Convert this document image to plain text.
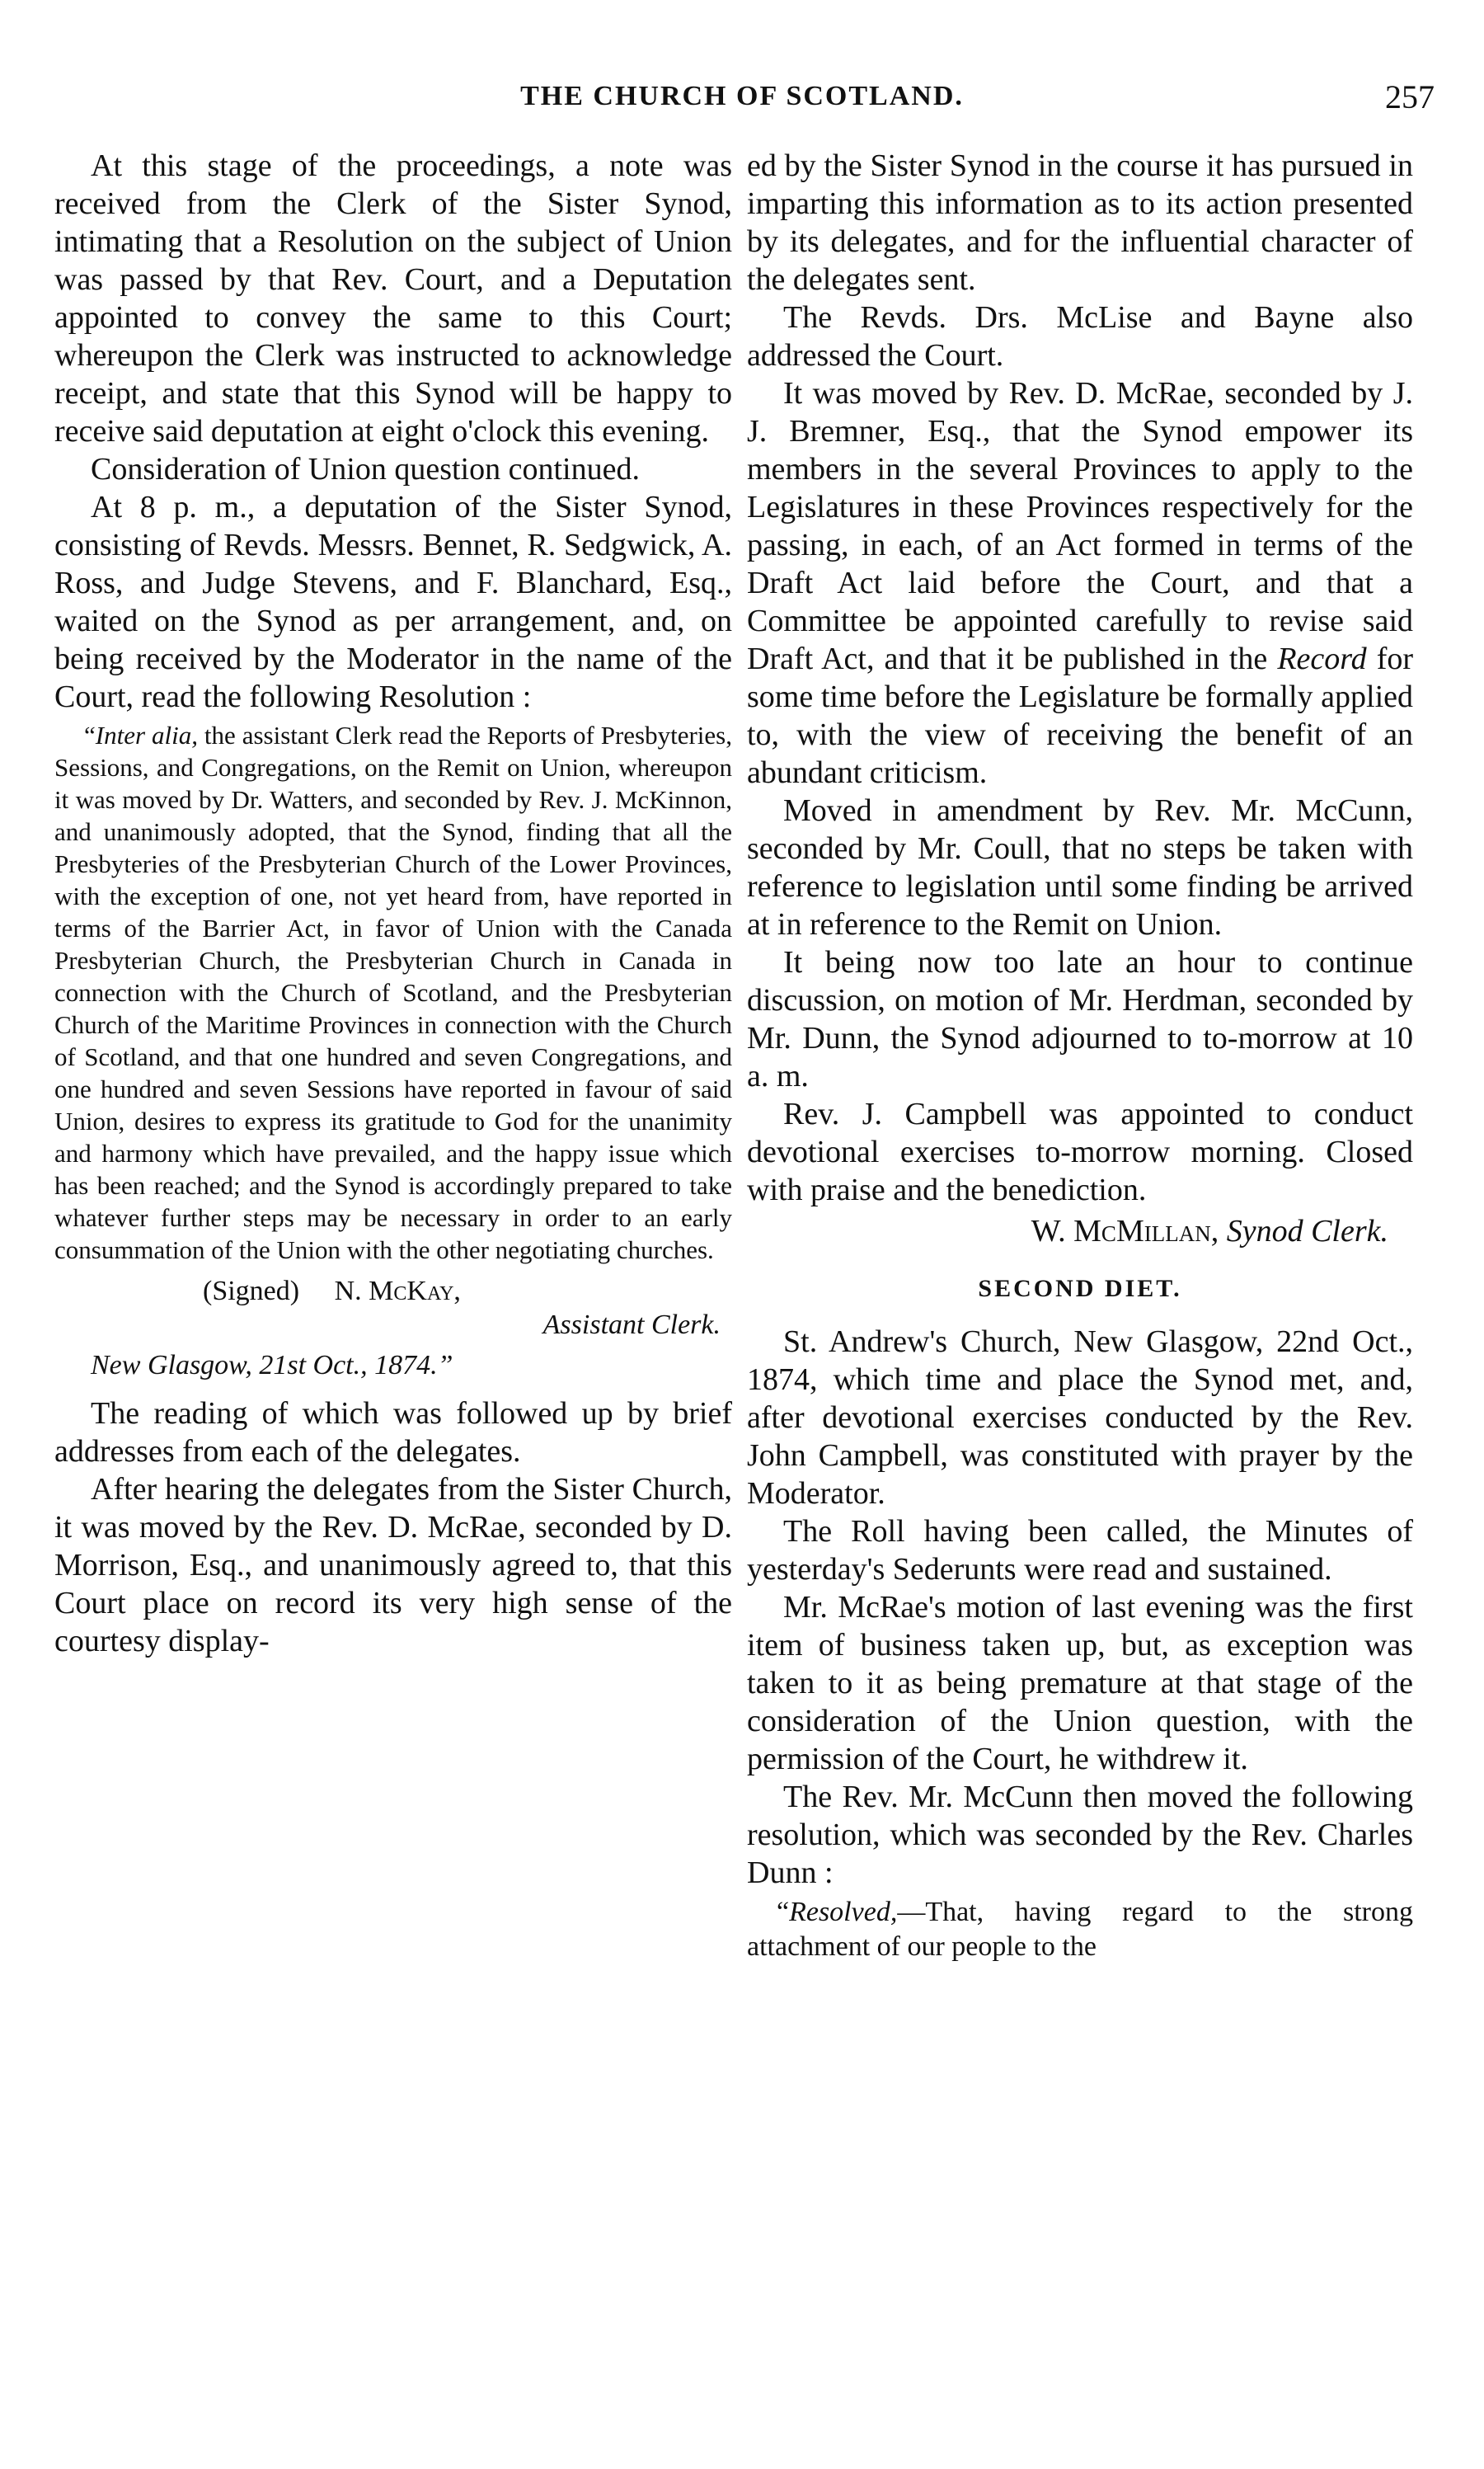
THE CHURCH OF SCOTLAND.	257

At this stage of the proceedings, a note was received from the Clerk of the Sister Synod, intimating that a Resolution on the subject of Union was passed by that Rev. Court, and a Deputation appointed to convey the same to this Court; whereupon the Clerk was instructed to acknowledge receipt, and state that this Synod will be happy to receive said deputation at eight o'clock this evening.

Consideration of Union question continued.

At 8 p. m., a deputation of the Sister Synod, consisting of Revds. Messrs. Bennet, R. Sedgwick, A. Ross, and Judge Stevens, and F. Blanchard, Esq., waited on the Synod as per arrangement, and, on being received by the Moderator in the name of the Court, read the following Resolution :

“Inter alia, the assistant Clerk read the Reports of Presbyteries, Sessions, and Congregations, on the Remit on Union, whereupon it was moved by Dr. Watters, and seconded by Rev. J. McKinnon, and unanimously adopted, that the Synod, finding that all the Presbyteries of the Presbyterian Church of the Lower Provinces, with the exception of one, not yet heard from, have reported in terms of the Barrier Act, in favor of Union with the Canada Presbyterian Church, the Presbyterian Church in Canada in connection with the Church of Scotland, and the Presbyterian Church of the Maritime Provinces in connection with the Church of Scotland, and that one hundred and seven Congregations, and one hundred and seven Sessions have reported in favour of said Union, desires to express its gratitude to God for the unanimity and harmony which have prevailed, and the happy issue which has been reached; and the Synod is accordingly prepared to take whatever further steps may be necessary in order to an early consummation of the Union with the other negotiating churches.

(Signed) N. McKay,
Assistant Clerk.
New Glasgow, 21st Oct., 1874.”

The reading of which was followed up by brief addresses from each of the delegates.

After hearing the delegates from the Sister Church, it was moved by the Rev. D. McRae, seconded by D. Morrison, Esq., and unanimously agreed to, that this Court place on record its very high sense of the courtesy display-

ed by the Sister Synod in the course it has pursued in imparting this information as to its action presented by its delegates, and for the influential character of the delegates sent.

The Revds. Drs. McLise and Bayne also addressed the Court.

It was moved by Rev. D. McRae, seconded by J. J. Bremner, Esq., that the Synod empower its members in the several Provinces to apply to the Legislatures in these Provinces respectively for the passing, in each, of an Act formed in terms of the Draft Act laid before the Court, and that a Committee be appointed carefully to revise said Draft Act, and that it be published in the Record for some time before the Legislature be formally applied to, with the view of receiving the benefit of an abundant criticism.

Moved in amendment by Rev. Mr. McCunn, seconded by Mr. Coull, that no steps be taken with reference to legislation until some finding be arrived at in reference to the Remit on Union.

It being now too late an hour to continue discussion, on motion of Mr. Herdman, seconded by Mr. Dunn, the Synod adjourned to to-morrow at 10 a. m.

Rev. J. Campbell was appointed to conduct devotional exercises to-morrow morning. Closed with praise and the benediction.

W. McMillan, Synod Clerk.
SECOND DIET.

St. Andrew's Church, New Glasgow, 22nd Oct., 1874, which time and place the Synod met, and, after devotional exercises conducted by the Rev. John Campbell, was constituted with prayer by the Moderator.

The Roll having been called, the Minutes of yesterday's Sederunts were read and sustained.

Mr. McRae's motion of last evening was the first item of business taken up, but, as exception was taken to it as being premature at that stage of the consideration of the Union question, with the permission of the Court, he withdrew it.

The Rev. Mr. McCunn then moved the following resolution, which was seconded by the Rev. Charles Dunn :

“Resolved,—That, having regard to the strong attachment of our people to the
